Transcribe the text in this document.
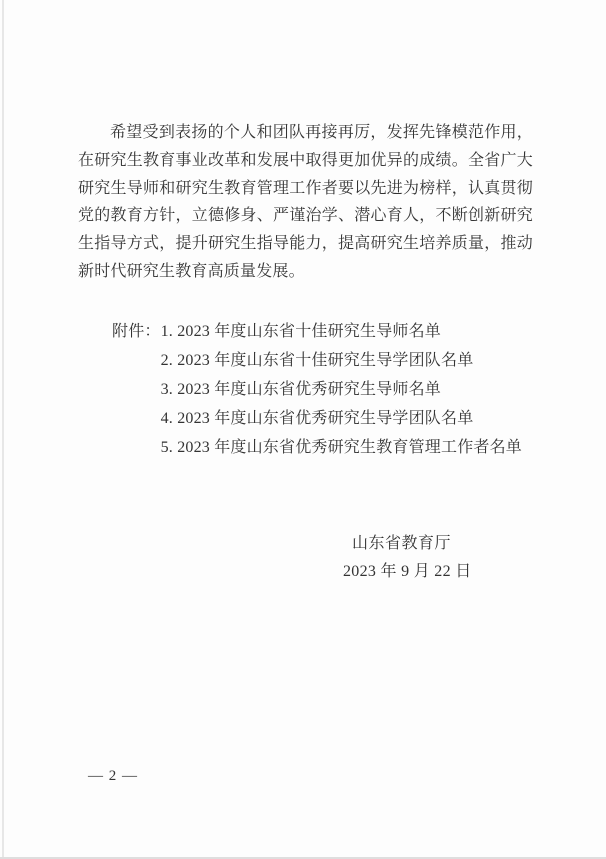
希望受到表扬的个人和团队再接再厉，发挥先锋模范作用，在研究生教育事业改革和发展中取得更加优异的成绩。全省广大研究生导师和研究生教育管理工作者要以先进为榜样，认真贯彻党的教育方针，立德修身、严谨治学、潜心育人，不断创新研究生指导方式，提升研究生指导能力，提高研究生培养质量，推动新时代研究生教育高质量发展。

附件： 1. 2023 年度山东省十佳研究生导师名单
2. 2023 年度山东省十佳研究生导学团队名单
3. 2023 年度山东省优秀研究生导师名单
4. 2023 年度山东省优秀研究生导学团队名单
5. 2023 年度山东省优秀研究生教育管理工作者名单
山东省教育厅
2023 年 9 月 22 日
— 2 —
